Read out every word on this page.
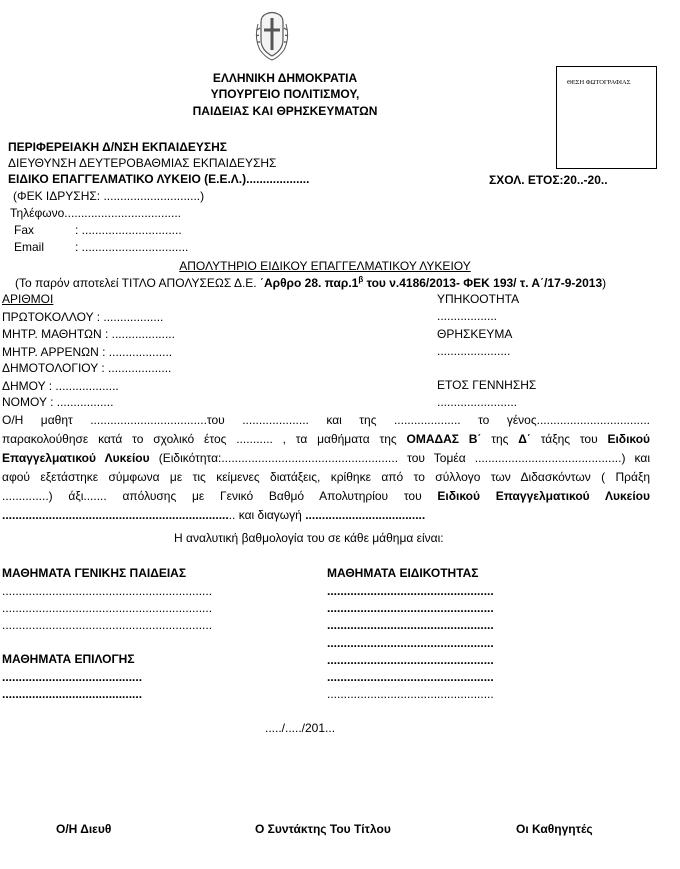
ΕΛΛΗΝΙΚΗ ΔΗΜΟΚΡΑΤΙΑ
ΥΠΟΥΡΓΕΙΟ ΠΟΛΙΤΙΣΜΟΥ,
ΠΑΙΔΕΙΑΣ ΚΑΙ ΘΡΗΣΚΕΥΜΑΤΩΝ
ΘΕΣΗ ΦΩΤΟΓΡΑΦΙΑΣ
ΠΕΡΙΦΕΡΕΙΑΚΗ Δ/ΝΣΗ ΕΚΠΑΙΔΕΥΣΗΣ
ΔΙΕΥΘΥΝΣΗ ΔΕΥΤΕΡΟΒΑΘΜΙΑΣ ΕΚΠΑΙΔΕΥΣΗΣ
ΕΙΔΙΚΟ ΕΠΑΓΓΕΛΜΑΤΙΚΟ ΛΥΚΕΙΟ (Ε.Ε.Λ.)...................	ΣΧΟΛ. ΕΤΟΣ:20..-20..
(ΦΕΚ ΙΔΡΥΣΗΣ: .............................)
Τηλέφωνο...................................
Fax	: ..............................
Email	: ................................
ΑΠΟΛΥΤΗΡΙΟ ΕΙΔΙΚΟΥ ΕΠΑΓΓΕΛΜΑΤΙΚΟΥ ΛΥΚΕΙΟΥ
(Το παρόν αποτελεί ΤΙΤΛΟ ΑΠΟΛΥΣΕΩΣ Δ.Ε. ΄Αρθρο 28. $\pi\alpha\rho.1^\beta$ του ν.4186/2013- ΦΕΚ 193/ τ. Α΄/17-9-2013)
ΑΡΙΘΜΟΙ
ΠΡΩΤΟΚΟΛΛΟΥ : ..................
ΜΗΤΡ. ΜΑΘΗΤΩΝ : ...................
ΜΗΤΡ. ΑΡΡΕΝΩΝ : ...................
ΔΗΜΟΤΟΛΟΓΙΟΥ : ...................
ΔΗΜΟΥ : ...................
ΝΟΜΟΥ : .................
ΥΠΗΚΟΟΤΗΤΑ
..................
ΘΡΗΣΚΕΥΜΑ
......................
ΕΤΟΣ ΓΕΝΝΗΣΗΣ
........................
Ο/Η μαθητ ...................................του .................... και της .................... το γένος..................................
παρακολούθησε κατά το σχολικό έτος ........... , τα μαθήματα της ΟΜΑΔΑΣ Β΄ της Δ΄ τάξης του Ειδικού
Επαγγελματικού Λυκείου (Ειδικότητα:..................................................... του Τομέα ............................................) και
αφού εξετάστηκε σύμφωνα με τις κείμενες διατάξεις, κρίθηκε από το σύλλογο των Διδασκόντων ( Πράξη
..............) άξι....... απόλυσης με Γενικό Βαθμό Απολυτηρίου του Ειδικού Επαγγελματικού Λυκείου
...................................................................... και διαγωγή ....................................
Η αναλυτική βαθμολογία του σε κάθε μάθημα είναι:
ΜΑΘΗΜΑΤΑ ΓΕΝΙΚΗΣ ΠΑΙΔΕΙΑΣ
...............................................................
...............................................................
...............................................................
ΜΑΘΗΜΑΤΑ ΕΠΙΛΟΓΗΣ
..........................................
..........................................
ΜΑΘΗΜΑΤΑ ΕΙΔΙΚΟΤΗΤΑΣ
..................................................
..................................................
..................................................
..................................................
..................................................
..................................................
..................................................
...../...../201...
Ο/Η Διευθ	Ο Συντάκτης Του Τίτλου	Οι Καθηγητές
